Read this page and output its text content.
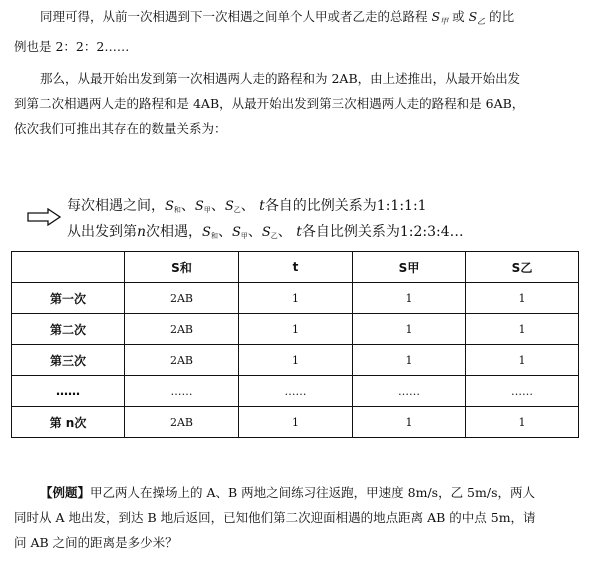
同理可得，从前一次相遇到下一次相遇之间单个人甲或者乙走的总路程 $S_甲$ 或 $S_乙$ 的比
例也是 2：2：2……
那么，从最开始出发到第一次相遇两人走的路程和为 2AB，由上述推出，从最开始出发
到第二次相遇两人走的路程和是 4AB，从最开始出发到第三次相遇两人走的路程和是 6AB，
依次我们可推出其存在的数量关系为：
每次相遇之间，$S_和$、$S_甲$、$S_乙$、 t各自的比例关系为1:1:1:1
从出发到第n次相遇，$S_和$、$S_甲$、$S_乙$、 t各自比例关系为1:2:3:4…
	S和	t	S甲	S乙
第一次	2AB	1	1	1
第二次	2AB	1	1	1
第三次	2AB	1	1	1
……	……	……	……	……
第 n次	2AB	1	1	1
【例题】甲乙两人在操场上的 A、B 两地之间练习往返跑，甲速度 8m/s，乙 5m/s，两人
同时从 A 地出发，到达 B 地后返回，已知他们第二次迎面相遇的地点距离 AB 的中点 5m，请
问 AB 之间的距离是多少米？
